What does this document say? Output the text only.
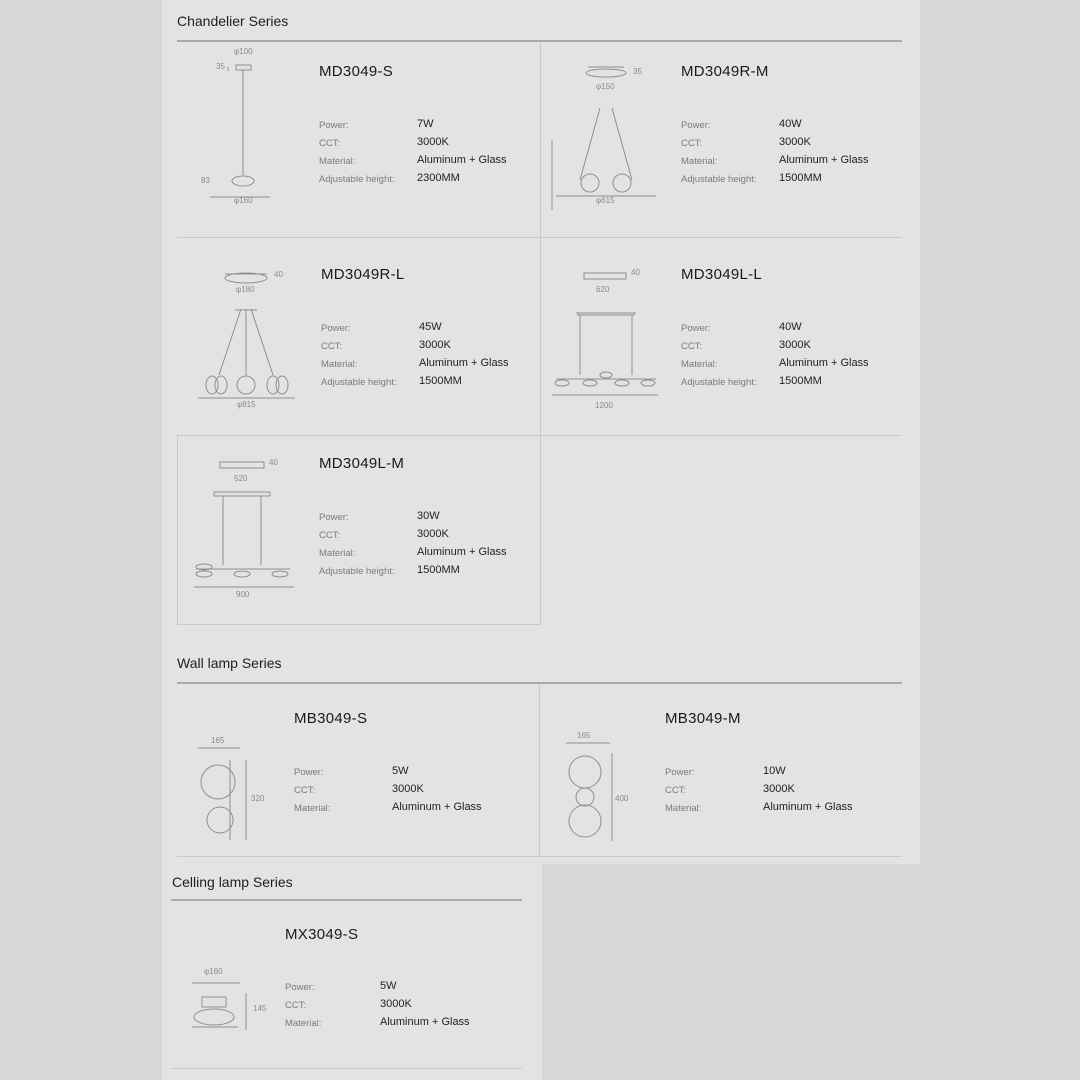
Chandelier Series
φ100
35
83
φ160
MD3049-S
Power:	7W
CCT:	3000K
Material:	Aluminum + Glass
Adjustable height: 2300MM
35
φ150
φ615
MD3049R-M
Power:	40W
CCT:	3000K
Material:	Aluminum + Glass
Adjustable height: 1500MM
40
φ180
φ815
MD3049R-L
Power:	45W
CCT:	3000K
Material:	Aluminum + Glass
Adjustable height: 1500MM
40
620
1200
MD3049L-L
Power:	40W
CCT:	3000K
Material:	Aluminum + Glass
Adjustable height: 1500MM
40
520
900
MD3049L-M
Power:	30W
CCT:	3000K
Material:	Aluminum + Glass
Adjustable height: 1500MM
Wall lamp Series
165
320
MB3049-S
Power:	5W
CCT:	3000K
Material:	Aluminum + Glass
165
400
MB3049-M
Power:	10W
CCT:	3000K
Material:	Aluminum + Glass
Celling lamp Series
φ160
145
MX3049-S
Power:	5W
CCT:	3000K
Material:	Aluminum + Glass
